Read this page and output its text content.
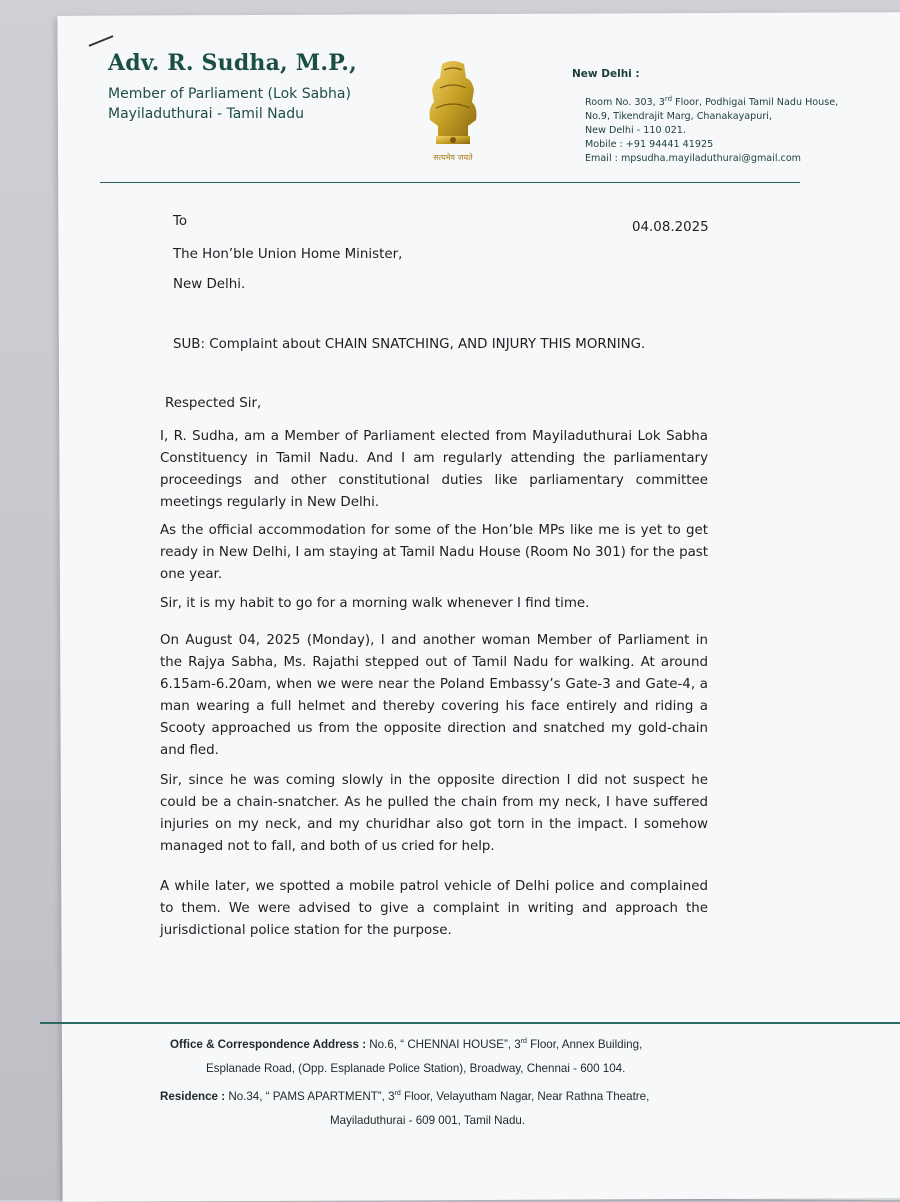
Adv. R. Sudha, M.P.,
Member of Parliament (Lok Sabha)
Mayiladuthurai - Tamil Nadu
सत्यमेव जयते
New Delhi :
Room No. 303, 3rd Floor, Podhigai Tamil Nadu House,
No.9, Tikendrajit Marg, Chanakayapuri,
New Delhi - 110 021.
Mobile : +91 94441 41925
Email : mpsudha.mayiladuthurai@gmail.com
To	04.08.2025
The Hon’ble Union Home Minister,
New Delhi.
SUB: Complaint about CHAIN SNATCHING, AND INJURY THIS MORNING.
Respected Sir,
I, R. Sudha, am a Member of Parliament elected from Mayiladuthurai Lok Sabha Constituency in Tamil Nadu. And I am regularly attending the parliamentary proceedings and other constitutional duties like parliamentary committee meetings regularly in New Delhi.
As the official accommodation for some of the Hon’ble MPs like me is yet to get ready in New Delhi, I am staying at Tamil Nadu House (Room No 301) for the past one year.
Sir, it is my habit to go for a morning walk whenever I find time.
On August 04, 2025 (Monday), I and another woman Member of Parliament in the Rajya Sabha, Ms. Rajathi stepped out of Tamil Nadu for walking. At around 6.15am-6.20am, when we were near the Poland Embassy’s Gate-3 and Gate-4, a man wearing a full helmet and thereby covering his face entirely and riding a Scooty approached us from the opposite direction and snatched my gold-chain and fled.
Sir, since he was coming slowly in the opposite direction I did not suspect he could be a chain-snatcher. As he pulled the chain from my neck, I have suffered injuries on my neck, and my churidhar also got torn in the impact. I somehow managed not to fall, and both of us cried for help.
A while later, we spotted a mobile patrol vehicle of Delhi police and complained to them. We were advised to give a complaint in writing and approach the jurisdictional police station for the purpose.
Office & Correspondence Address : No.6, “ CHENNAI HOUSE”, 3rd Floor, Annex Building,
Esplanade Road, (Opp. Esplanade Police Station), Broadway, Chennai - 600 104.
Residence : No.34, “ PAMS APARTMENT”, 3rd Floor, Velayutham Nagar, Near Rathna Theatre,
Mayiladuthurai - 609 001, Tamil Nadu.
